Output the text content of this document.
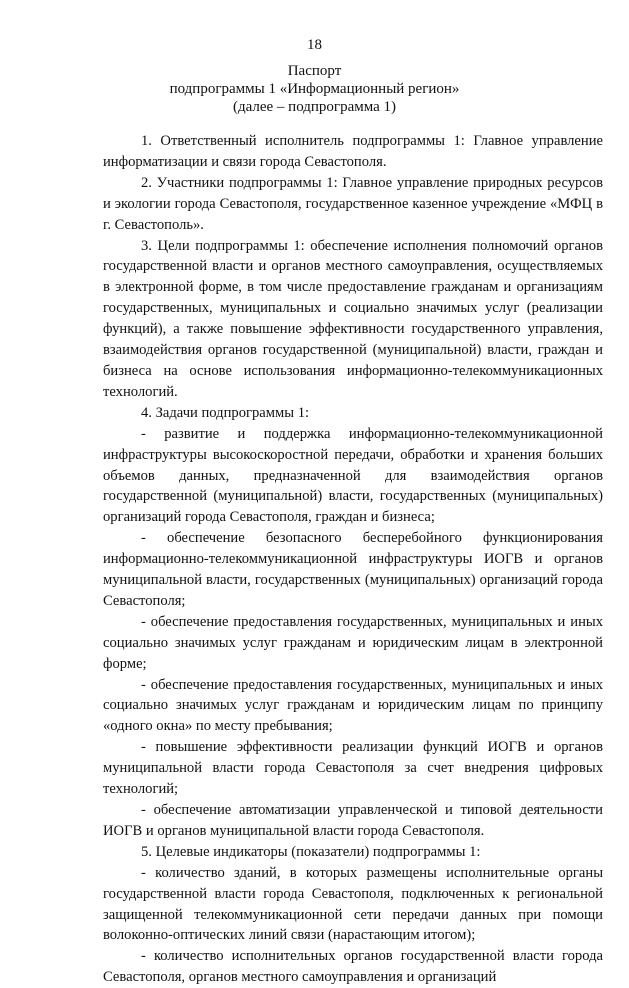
18
Паспорт
подпрограммы 1 «Информационный регион»
(далее – подпрограмма 1)

1. Ответственный исполнитель подпрограммы 1: Главное управление информатизации и связи города Севастополя.

2. Участники подпрограммы 1: Главное управление природных ресурсов и экологии города Севастополя, государственное казенное учреждение «МФЦ в г. Севастополь».

3. Цели подпрограммы 1: обеспечение исполнения полномочий органов государственной власти и органов местного самоуправления, осуществляемых в электронной форме, в том числе предоставление гражданам и организациям государственных, муниципальных и социально значимых услуг (реализации функций), а также повышение эффективности государственного управления, взаимодействия органов государственной (муниципальной) власти, граждан и бизнеса на основе использования информационно-телекоммуникационных технологий.

4. Задачи подпрограммы 1:

- развитие и поддержка информационно-телекоммуникационной инфраструктуры высокоскоростной передачи, обработки и хранения больших объемов данных, предназначенной для взаимодействия органов государственной (муниципальной) власти, государственных (муниципальных) организаций города Севастополя, граждан и бизнеса;

- обеспечение безопасного бесперебойного функционирования информационно-телекоммуникационной инфраструктуры ИОГВ и органов муниципальной власти, государственных (муниципальных) организаций города Севастополя;

- обеспечение предоставления государственных, муниципальных и иных социально значимых услуг гражданам и юридическим лицам в электронной форме;

- обеспечение предоставления государственных, муниципальных и иных социально значимых услуг гражданам и юридическим лицам по принципу «одного окна» по месту пребывания;

- повышение эффективности реализации функций ИОГВ и органов муниципальной власти города Севастополя за счет внедрения цифровых технологий;

- обеспечение автоматизации управленческой и типовой деятельности ИОГВ и органов муниципальной власти города Севастополя.

5. Целевые индикаторы (показатели) подпрограммы 1:

- количество зданий, в которых размещены исполнительные органы государственной власти города Севастополя, подключенных к региональной защищенной телекоммуникационной сети передачи данных при помощи волоконно-оптических линий связи (нарастающим итогом);

- количество исполнительных органов государственной власти города Севастополя, органов местного самоуправления и организаций
